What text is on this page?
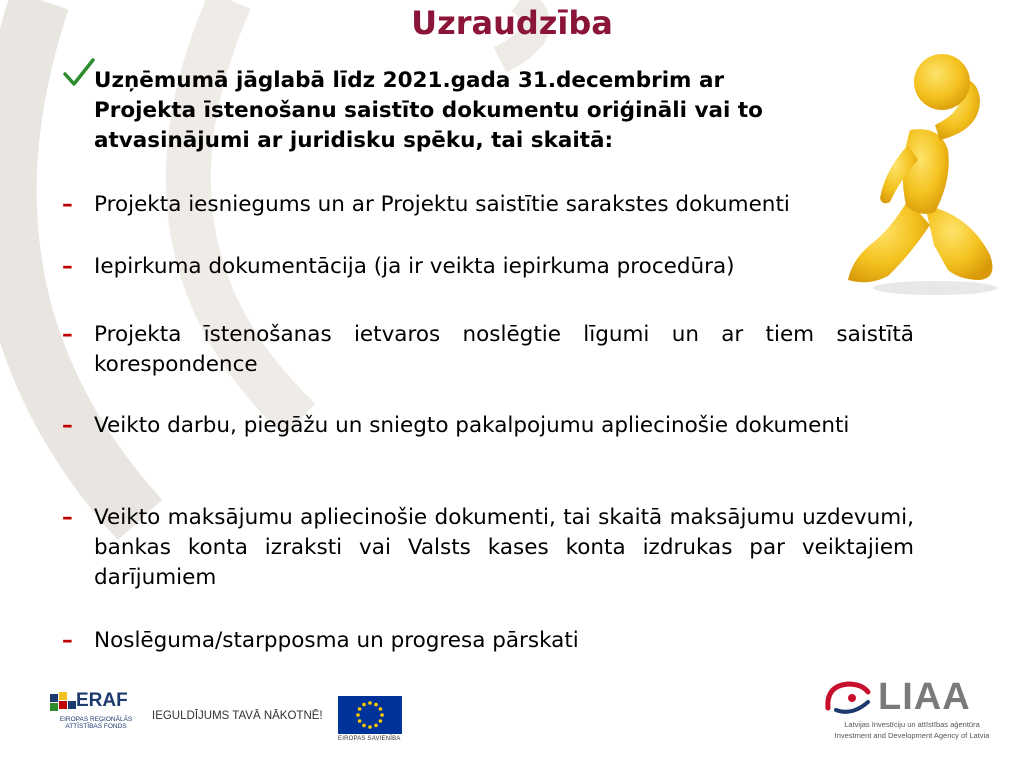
Uzraudzība
Uzņēmumā jāglabā līdz 2021.gada 31.decembrim ar
Projekta īstenošanu saistīto dokumentu oriģināli vai to
atvasinājumi ar juridisku spēku, tai skaitā:
– Projekta iesniegums un ar Projektu saistītie sarakstes dokumenti
– Iepirkuma dokumentācija (ja ir veikta iepirkuma procedūra)
– Projekta īstenošanas ietvaros noslēgtie līgumi un ar tiem saistītā korespondence
– Veikto darbu, piegāžu un sniegto pakalpojumu apliecinošie dokumenti
– Veikto maksājumu apliecinošie dokumenti, tai skaitā maksājumu uzdevumi, bankas konta izraksti vai Valsts kases konta izdrukas par veiktajiem darījumiem
– Noslēguma/starpposma un progresa pārskati
ERAF
EIROPAS REĢIONĀLĀS ATTĪSTĪBAS FONDS
IEGULDĪJUMS TAVĀ NĀKOTNĒ!
EIROPAS SAVIENĪBA
LIAA
Latvijas Investīciju un attīstības aģentūra
Investment and Development Agency of Latvia
